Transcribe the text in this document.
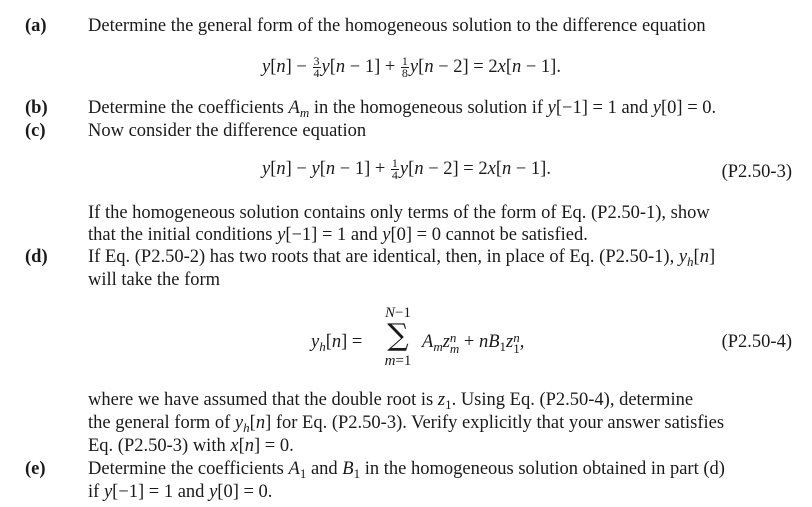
(a) Determine the general form of the homogeneous solution to the difference equation
$y[n] - \frac{3}{4} y[n - 1] + \frac{1}{8} y[n - 2] = 2x[n - 1]$.
(b) Determine the coefficients $A_m$ in the homogeneous solution if y[−1] = 1 and y[0] = 0.
(c) Now consider the difference equation
$y[n] - y[n - 1] + \frac{1}{4} y[n - 2] = 2x[n - 1]$.	(P2.50-3)
If the homogeneous solution contains only terms of the form of Eq. (P2.50-1), show
that the initial conditions y[−1] = 1 and y[0] = 0 cannot be satisfied.
(d) If Eq. (P2.50-2) has two roots that are identical, then, in place of Eq. (P2.50-1), $y_h[n]$
will take the form
$y_h[n]$ =
N−1
∑
m=1
$A_mz$ n
$m + nB_1z$ n
1 ,	(P2.50-4)
where we have assumed that the double root is $z_1$. Using Eq. (P2.50-4), determine
the general form of $y_h[n]$ for Eq. (P2.50-3). Verify explicitly that your answer satisfies
Eq. (P2.50-3) with x[n] = 0.
(e) Determine the coefficients $A_1$ and $B_1$ in the homogeneous solution obtained in part (d)
if y[−1] = 1 and y[0] = 0.
